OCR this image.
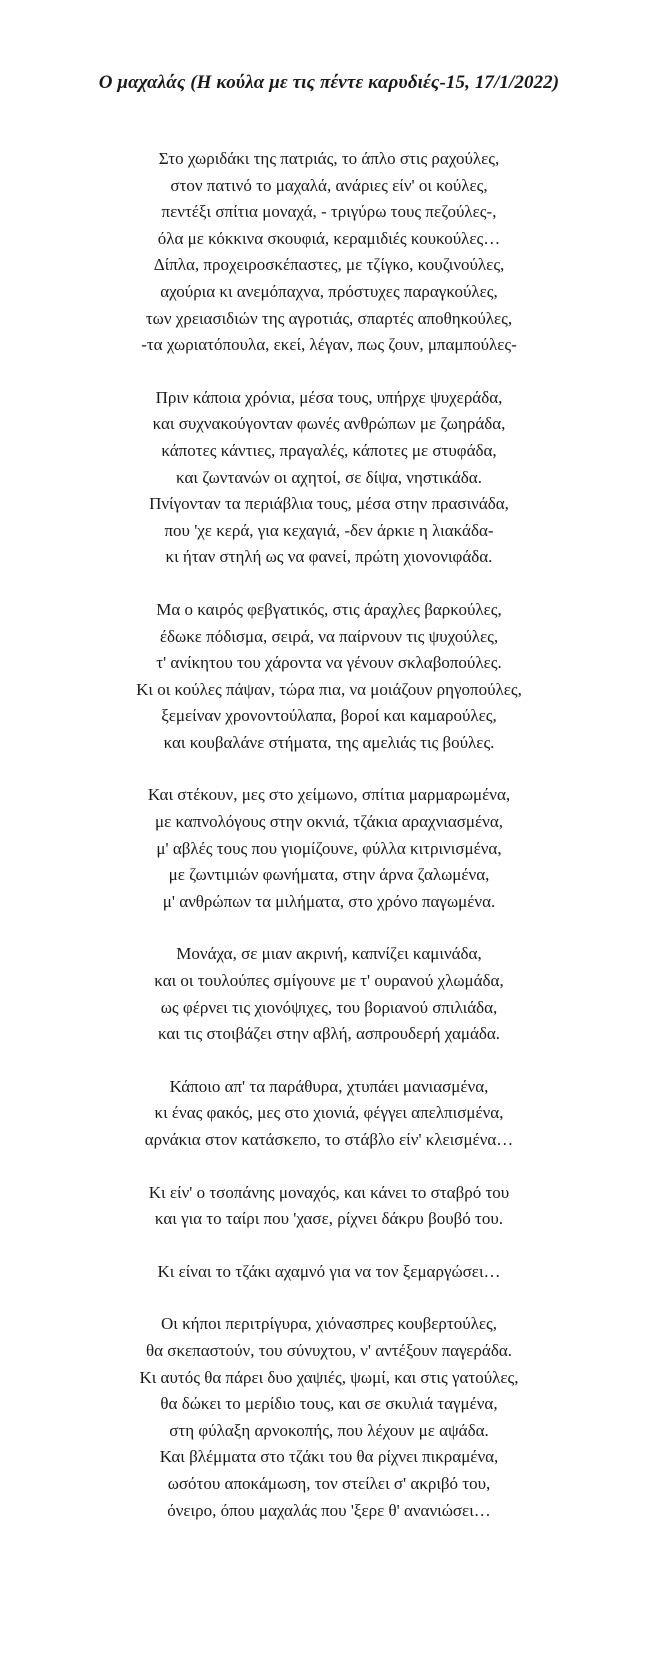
Ο μαχαλάς (Η κούλα με τις πέντε καρυδιές-15, 17/1/2022)
Στο χωριδάκι της πατριάς, το άπλο στις ραχούλες,
στον πατινό το μαχαλά, ανάριες είν' οι κούλες,
πεντέξι σπίτια μοναχά, - τριγύρω τους πεζούλες-,
όλα με κόκκινα σκουφιά, κεραμιδιές κουκούλες…
Δίπλα, προχειροσκέπαστες, με τζίγκο, κουζινούλες,
αχούρια κι ανεμόπαχνα, πρόστυχες παραγκούλες,
των χρειασιδιών της αγροτιάς, σπαρτές αποθηκούλες,
-τα χωριατόπουλα, εκεί, λέγαν, πως ζουν, μπαμπούλες-
Πριν κάποια χρόνια, μέσα τους, υπήρχε ψυχεράδα,
και συχνακούγονταν φωνές ανθρώπων με ζωηράδα,
κάποτες κάντιες, πραγαλές, κάποτες με στυφάδα,
και ζωντανών οι αχητοί, σε δίψα, νηστικάδα.
Πνίγονταν τα περιάβλια τους, μέσα στην πρασινάδα,
που 'χε κερά, για κεχαγιά, -δεν άρκιε η λιακάδα-
κι ήταν στηλή ως να φανεί, πρώτη χιονονιφάδα.
Μα ο καιρός φεβγατικός, στις άραχλες βαρκούλες,
έδωκε πόδισμα, σειρά, να παίρνουν τις ψυχούλες,
τ' ανίκητου του χάροντα να γένουν σκλαβοπούλες.
Κι οι κούλες πάψαν, τώρα πια, να μοιάζουν ρηγοπούλες,
ξεμείναν χρονοντούλαπα, βοροί και καμαρούλες,
και κουβαλάνε στήματα, της αμελιάς τις βούλες.
Και στέκουν, μες στο χείμωνο, σπίτια μαρμαρωμένα,
με καπνολόγους στην οκνιά, τζάκια αραχνιασμένα,
μ' αβλές τους που γιομίζουνε, φύλλα κιτρινισμένα,
με ζωντιμιών φωνήματα, στην άρνα ζαλωμένα,
μ' ανθρώπων τα μιλήματα, στο χρόνο παγωμένα.
Μονάχα, σε μιαν ακρινή, καπνίζει καμινάδα,
και οι τουλούπες σμίγουνε με τ' ουρανού χλωμάδα,
ως φέρνει τις χιονόψιχες, του βοριανού σπιλιάδα,
και τις στοιβάζει στην αβλή, ασπρουδερή χαμάδα.
Κάποιο απ' τα παράθυρα, χτυπάει μανιασμένα,
κι ένας φακός, μες στο χιονιά, φέγγει απελπισμένα,
αρνάκια στον κατάσκεπο, το στάβλο είν' κλεισμένα…
Κι είν' ο τσοπάνης μοναχός, και κάνει το σταβρό του
και για το ταίρι που 'χασε, ρίχνει δάκρυ βουβό του.
Κι είναι το τζάκι αχαμνό για να τον ξεμαργώσει…
Οι κήποι περιτρίγυρα, χιόνασπρες κουβερτούλες,
θα σκεπαστούν, του σύνυχτου, ν' αντέξουν παγεράδα.
Κι αυτός θα πάρει δυο χαψιές, ψωμί, και στις γατούλες,
θα δώκει το μερίδιο τους, και σε σκυλιά ταγμένα,
στη φύλαξη αρνοκοπής, που λέχουν με αψάδα.
Και βλέμματα στο τζάκι του θα ρίχνει πικραμένα,
ωσότου αποκάμωση, τον στείλει σ' ακριβό του,
όνειρο, όπου μαχαλάς που 'ξερε θ' ανανιώσει…
